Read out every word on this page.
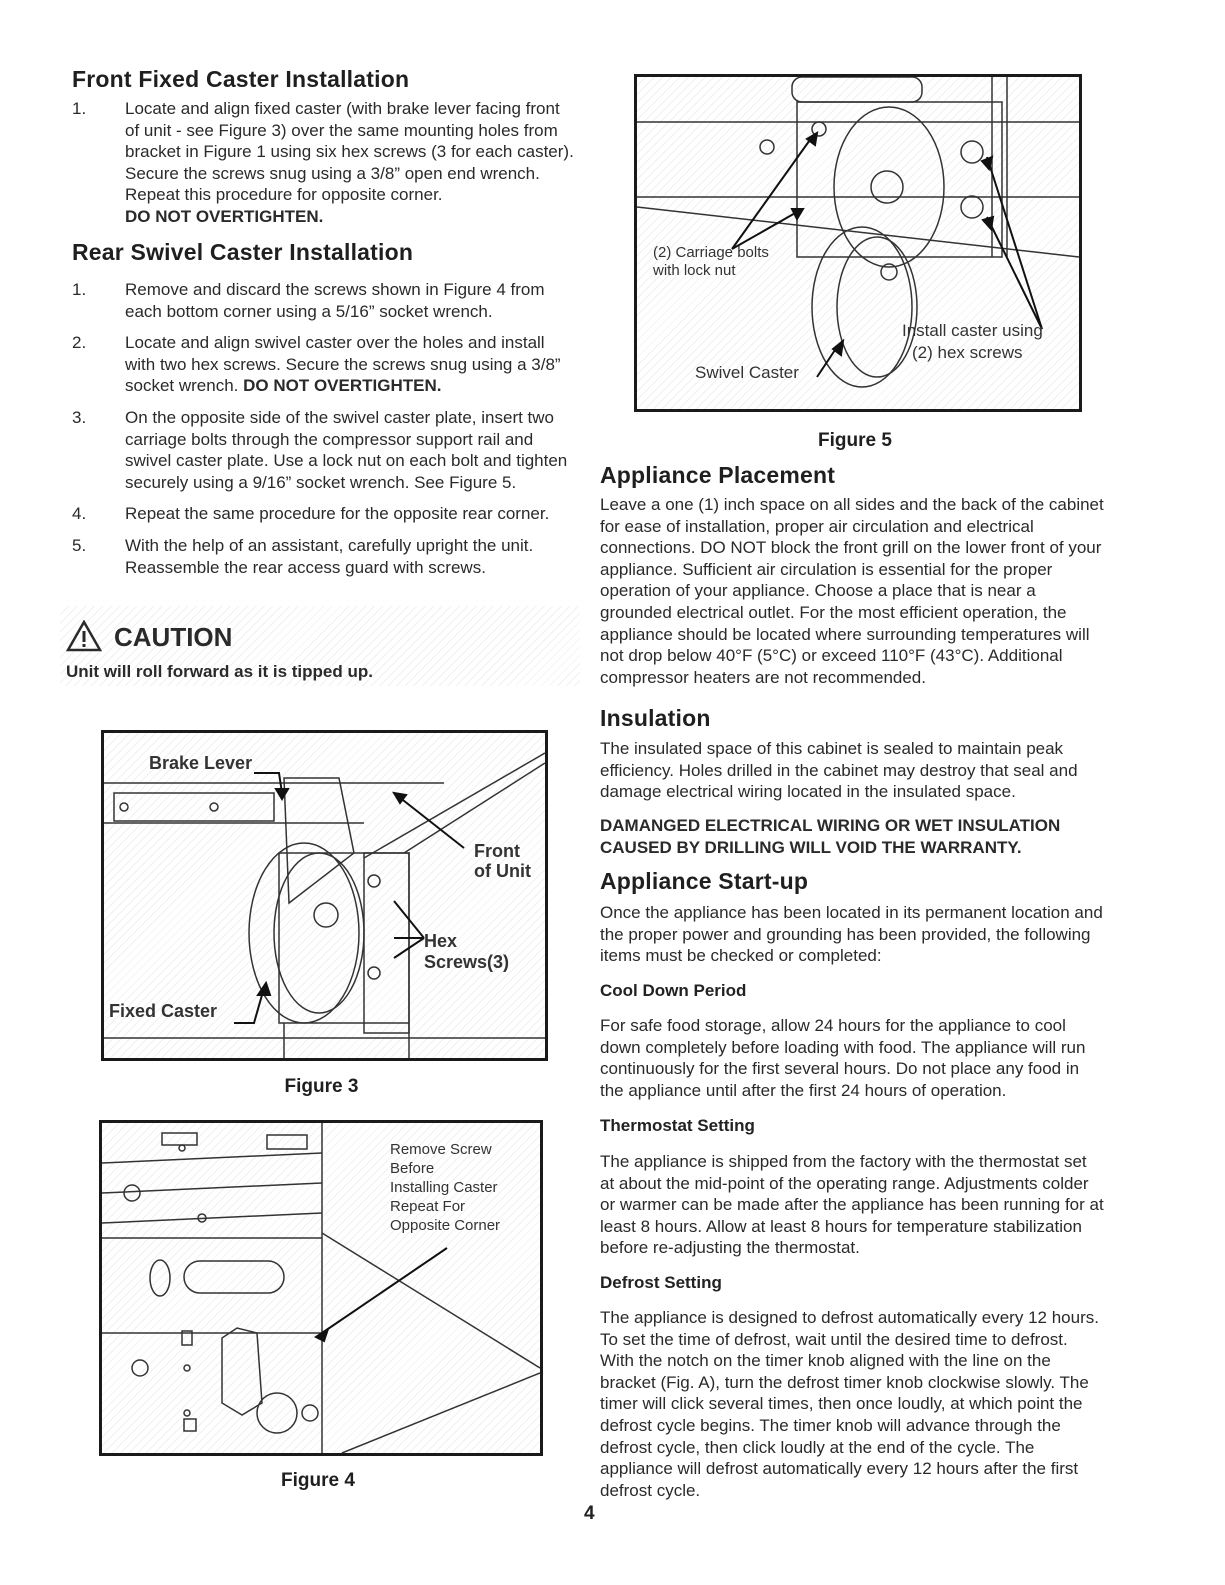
Front Fixed Caster Installation
1. Locate and align fixed caster (with brake lever facing front of unit - see Figure 3) over the same mounting holes from bracket in Figure 1 using six hex screws (3 for each caster). Secure the screws snug using a 3/8” open end wrench. Repeat this procedure for opposite corner.
DO NOT OVERTIGHTEN.
Rear Swivel Caster Installation
1. Remove and discard the screws shown in Figure 4 from each bottom corner using a 5/16” socket wrench.
2. Locate and align swivel caster over the holes and install with two hex screws. Secure the screws snug using a 3/8” socket wrench. DO NOT OVERTIGHTEN.
3. On the opposite side of the swivel caster plate, insert two carriage bolts through the compressor support rail and swivel caster plate. Use a lock nut on each bolt and tighten securely using a 9/16” socket wrench. See Figure 5.
4. Repeat the same procedure for the opposite rear corner.
5. With the help of an assistant, carefully upright the unit. Reassemble the rear access guard with screws.
CAUTION
Unit will roll forward as it is tipped up.
Brake Lever
Front
of Unit
Hex Screws(3)
Fixed Caster
Figure 3
Remove Screw Before
Installing Caster
Repeat For
Opposite Corner
Figure 4
(2) Carriage bolts
with lock nut
Install caster using
(2) hex screws
Swivel Caster
Figure 5
Appliance Placement

Leave a one (1) inch space on all sides and the back of the cabinet for ease of installation, proper air circulation and electrical connections. DO NOT block the front grill on the lower front of your appliance. Sufficient air circulation is essential for the proper operation of your appliance. Choose a place that is near a grounded electrical outlet. For the most efficient operation, the appliance should be located where surrounding temperatures will not drop below 40°F (5°C) or exceed 110°F (43°C). Additional compressor heaters are not recommended.

Insulation

The insulated space of this cabinet is sealed to maintain peak efficiency. Holes drilled in the cabinet may destroy that seal and damage electrical wiring located in the insulated space.

DAMANGED ELECTRICAL WIRING OR WET INSULATION CAUSED BY DRILLING WILL VOID THE WARRANTY.

Appliance Start-up

Once the appliance has been located in its permanent location and the proper power and grounding has been provided, the following items must be checked or completed:

Cool Down Period

For safe food storage, allow 24 hours for the appliance to cool down completely before loading with food. The appliance will run continuously for the first several hours. Do not place any food in the appliance until after the first 24 hours of operation.

Thermostat Setting

The appliance is shipped from the factory with the thermostat set at about the mid-point of the operating range. Adjustments colder or warmer can be made after the appliance has been running for at least 8 hours. Allow at least 8 hours for temperature stabilization before re-adjusting the thermostat.

Defrost Setting

The appliance is designed to defrost automatically every 12 hours. To set the time of defrost, wait until the desired time to defrost. With the notch on the timer knob aligned with the line on the bracket (Fig. A), turn the defrost timer knob clockwise slowly. The timer will click several times, then once loudly, at which point the defrost cycle begins. The timer knob will advance through the defrost cycle, then click loudly at the end of the cycle. The appliance will defrost automatically every 12 hours after the first defrost cycle.

4
